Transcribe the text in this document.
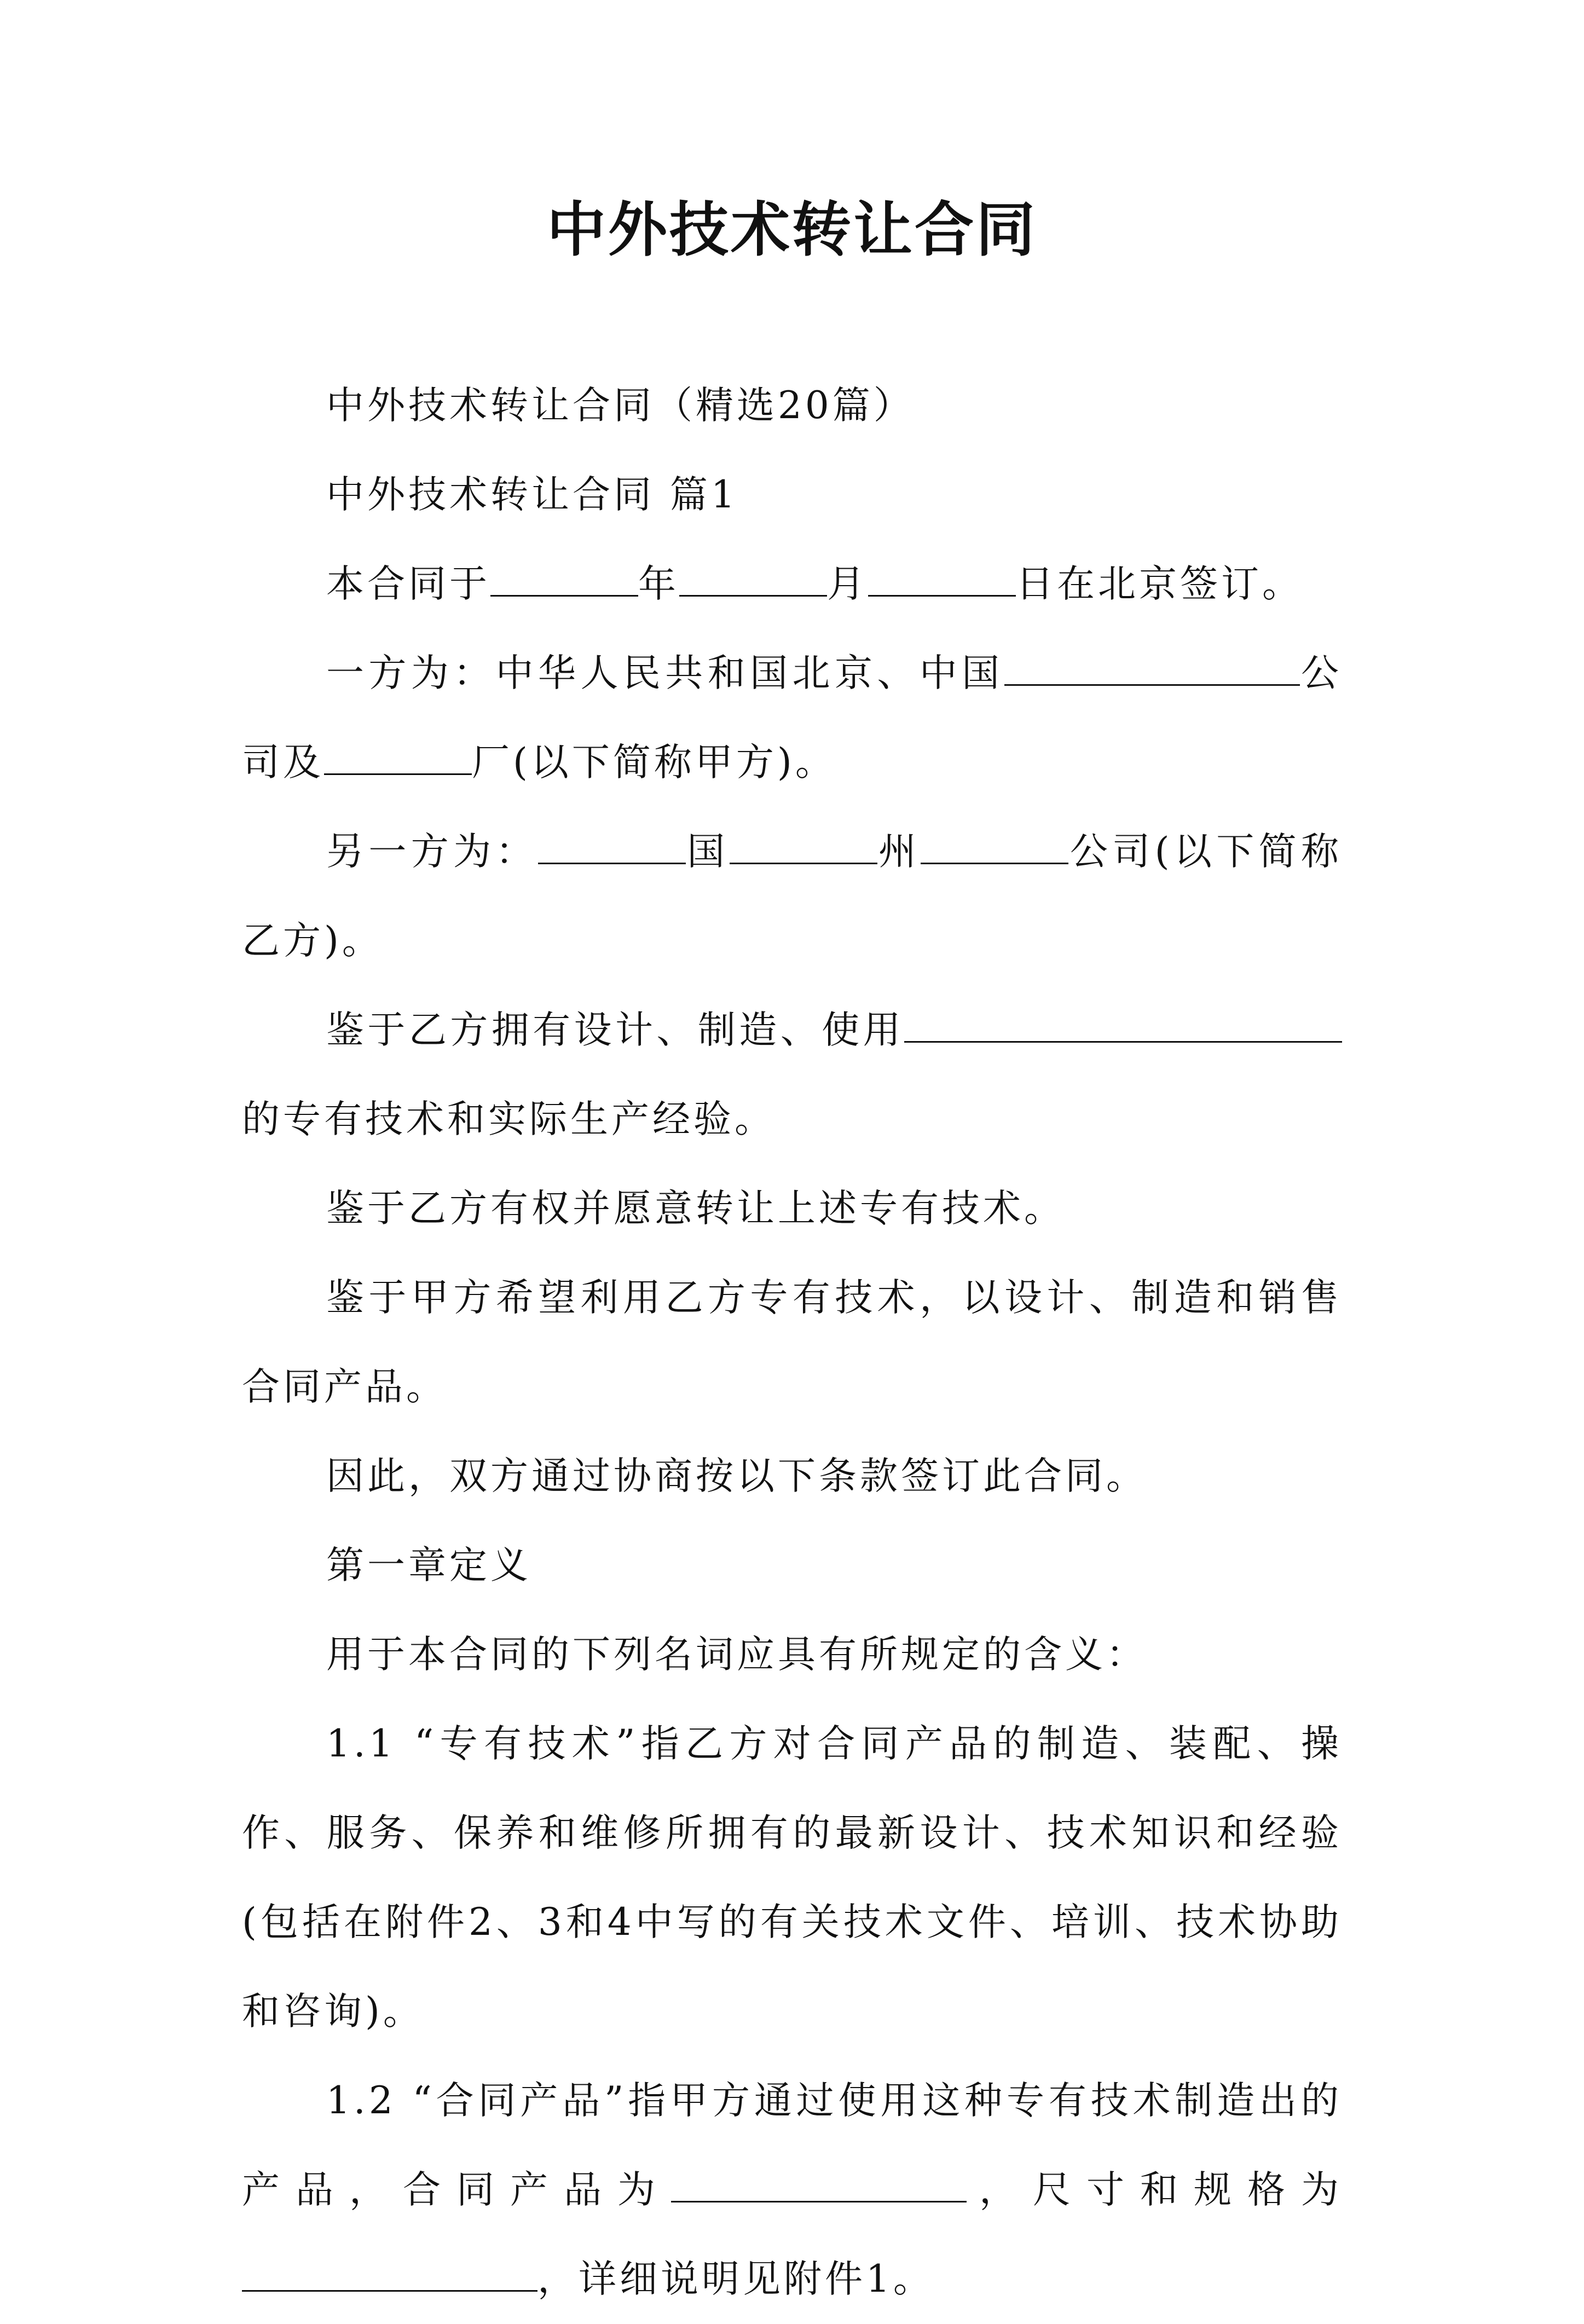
中外技术转让合同

中外技术转让合同（精选20篇）

中外技术转让合同 篇1

本合同于	年	月	日在北京签订。

一方为：中华人民共和国北京、中国	公司及	厂(以下简称甲方)。

另一方为：	国	州	公司(以下简称乙方)。

鉴于乙方拥有设计、制造、使用的专有技术和实际生产经验。

鉴于乙方有权并愿意转让上述专有技术。

鉴于甲方希望利用乙方专有技术，以设计、制造和销售合同产品。

因此，双方通过协商按以下条款签订此合同。

第一章定义

用于本合同的下列名词应具有所规定的含义：

1.1 “专有技术”指乙方对合同产品的制造、装配、操作、服务、保养和维修所拥有的最新设计、技术知识和经验(包括在附件2、3和4中写的有关技术文件、培训、技术协助和咨询)。

1.2 “合同产品”指甲方通过使用这种专有技术制造出的产品，合同产品为	，尺寸和规格为，详细说明见附件1。
